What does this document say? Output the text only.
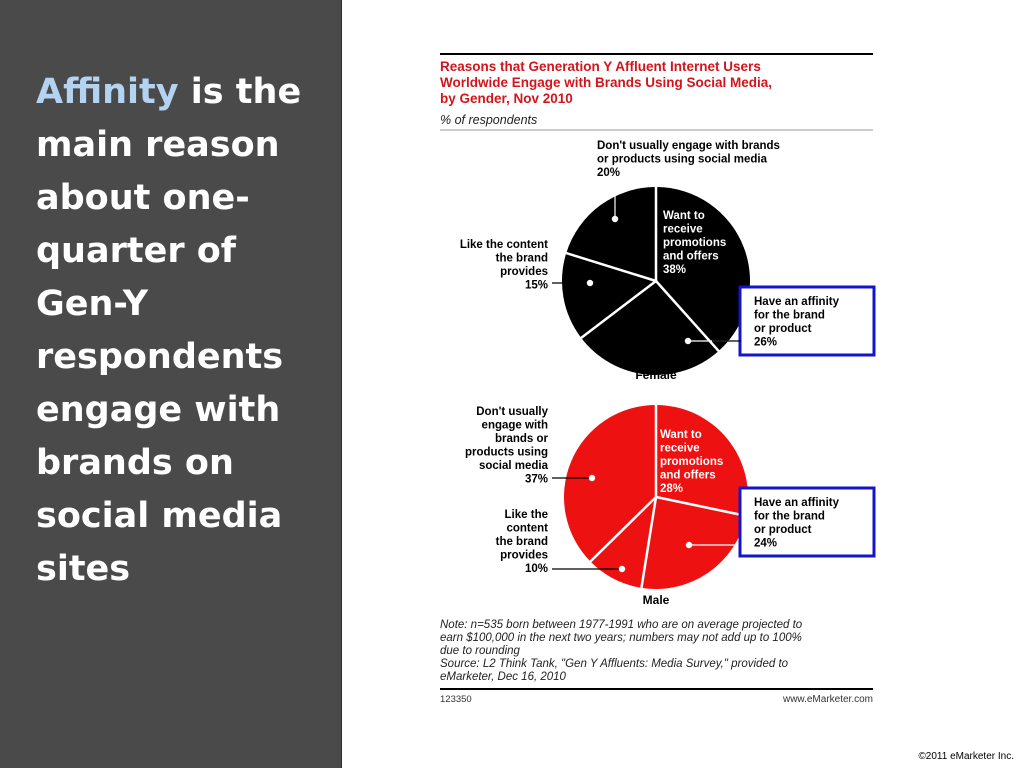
Affinity is the main reason about one-quarter of Gen-Y respondents engage with brands on social media sites

Reasons that Generation Y Affluent Internet Users Worldwide Engage with Brands Using Social Media, by Gender, Nov 2010
% of respondents
Want to receive promotions and offers 38%
Don't usually engage with brands or products using social media 20%
Like the content the brand provides 15%
Have an affinity for the brand or product 26%
Female
Want to receive promotions and offers 28%
Don't usually engage with brands or products using social media 37%
Like the content the brand provides 10%
Have an affinity for the brand or product 24%
Male
Note: n=535 born between 1977-1991 who are on average projected to earn $100,000 in the next two years; numbers may not add up to 100% due to rounding Source: L2 Think Tank, "Gen Y Affluents: Media Survey," provided to eMarketer, Dec 16, 2010
123350	www.eMarketer.com
©2011 eMarketer Inc.
